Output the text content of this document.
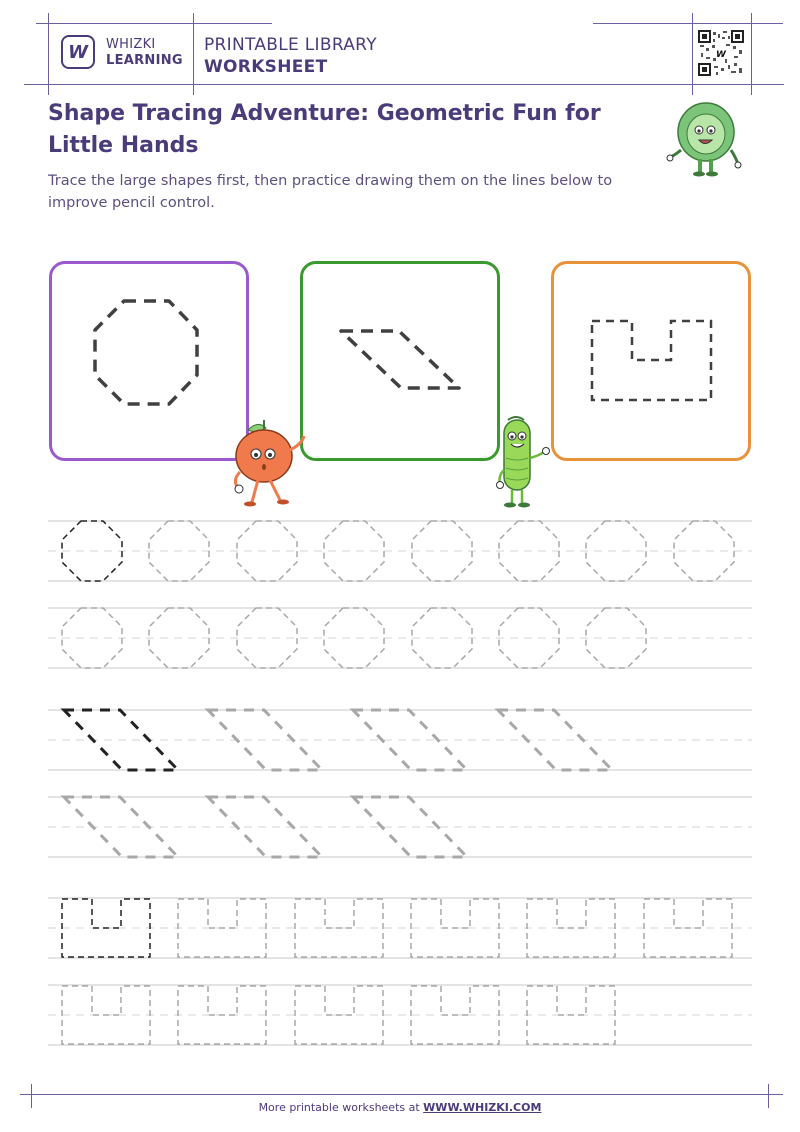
W WHIZKI
LEARNING
PRINTABLE LIBRARY
WORKSHEET
W
Shape Tracing Adventure: Geometric Fun for Little Hands
Trace the large shapes first, then practice drawing them on the lines below to improve pencil control.
More printable worksheets at WWW.WHIZKI.COM
